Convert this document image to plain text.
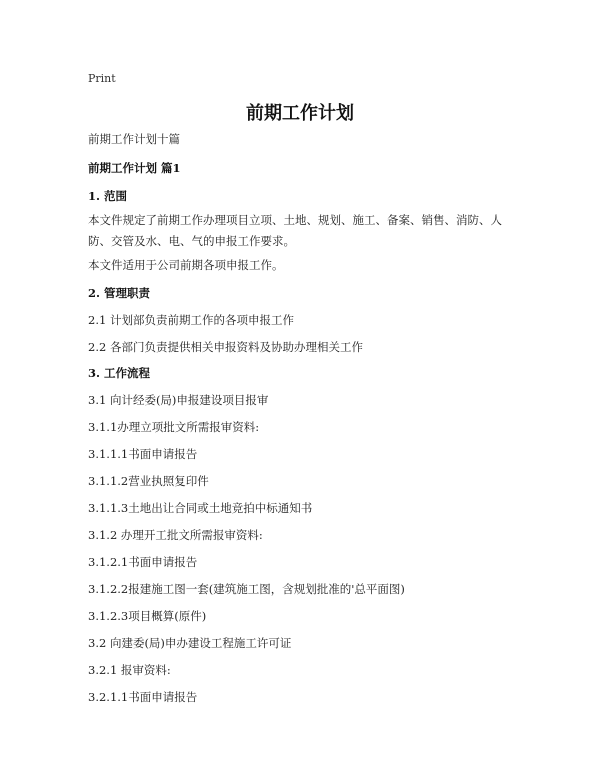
Print
前期工作计划
前期工作计划十篇
前期工作计划 篇1
1. 范围
本文件规定了前期工作办理项目立项、土地、规划、施工、备案、销售、消防、人防、交管及水、电、气的申报工作要求。
本文件适用于公司前期各项申报工作。
2. 管理职责
2.1 计划部负责前期工作的各项申报工作
2.2 各部门负责提供相关申报资料及协助办理相关工作
3. 工作流程
3.1 向计经委(局)申报建设项目报审
3.1.1办理立项批文所需报审资料:
3.1.1.1书面申请报告
3.1.1.2营业执照复印件
3.1.1.3土地出让合同或土地竞拍中标通知书
3.1.2 办理开工批文所需报审资料:
3.1.2.1书面申请报告
3.1.2.2报建施工图一套(建筑施工图，含规划批准的'总平面图)
3.1.2.3项目概算(原件)
3.2 向建委(局)申办建设工程施工许可证
3.2.1 报审资料:
3.2.1.1书面申请报告
